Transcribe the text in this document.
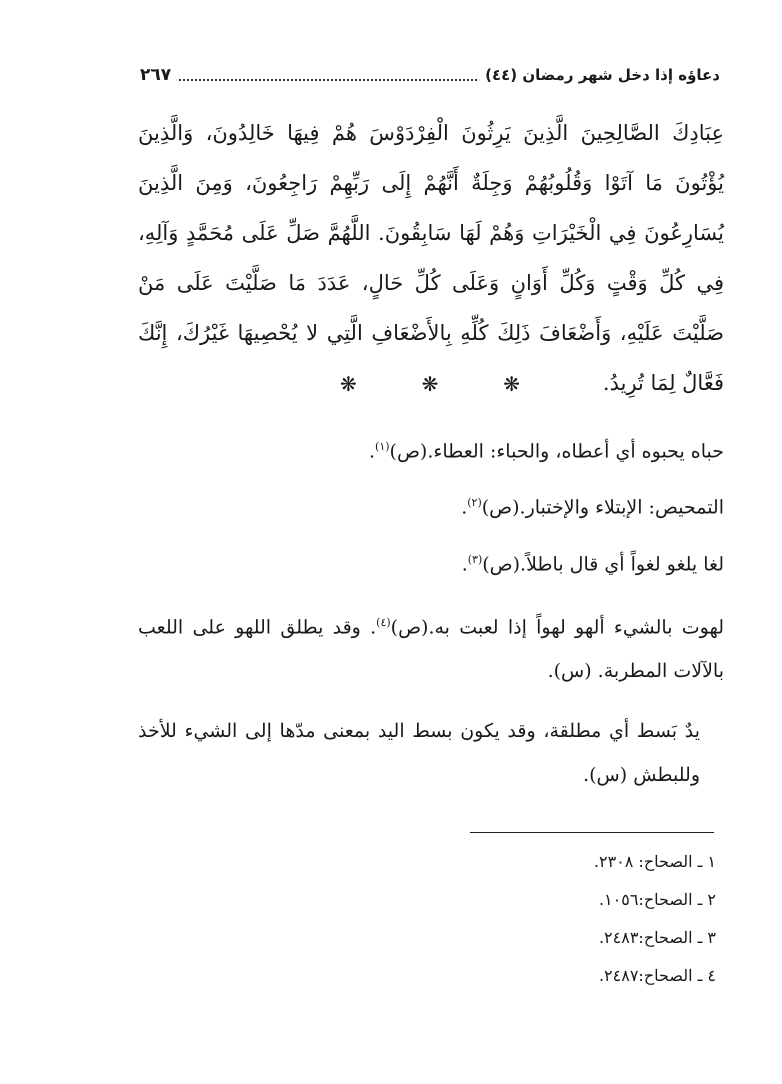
دعاؤه إذا دخل شهر رمضان (٤٤)
٢٦٧

عِبَادِكَ الصَّالِحِينَ الَّذِينَ يَرِثُونَ الْفِرْدَوْسَ هُمْ فِيهَا خَالِدُونَ، وَالَّذِينَ يُؤْتُونَ مَا آتَوْا وَقُلُوبُهُمْ وَجِلَةٌ أَنَّهُمْ إِلَى رَبِّهِمْ رَاجِعُونَ، وَمِنَ الَّذِينَ يُسَارِعُونَ فِي الْخَيْرَاتِ وَهُمْ لَهَا سَابِقُونَ. اللَّهُمَّ صَلِّ عَلَى مُحَمَّدٍ وَآلِهِ، فِي كُلِّ وَقْتٍ وَكُلِّ أَوَانٍ وَعَلَى كُلِّ حَالٍ، عَدَدَ مَا صَلَّيْتَ عَلَى مَنْ صَلَّيْتَ عَلَيْهِ، وَأَضْعَافَ ذَلِكَ كُلِّهِ بِالأَضْعَافِ الَّتِي لا يُحْصِيهَا غَيْرُكَ، إِنَّكَ فَعَّالٌ لِمَا تُرِيدُ.

❋	❋	❋

حباه يحبوه أي أعطاه، والحباء: العطاء.(ص)$^{(١)}$.

التمحيص: الإبتلاء والإختبار.(ص)$^{(٢)}$.

لغا يلغو لغواً أي قال باطلاً.(ص)$^{(٣)}$.

لهوت بالشيء ألهو لهواً إذا لعبت به.(ص)$^{(٤)}$. وقد يطلق اللهو على اللعب بالآلات المطربة. (س).

يدٌ بَسط أي مطلقة، وقد يكون بسط اليد بمعنى مدّها إلى الشيء للأخذ وللبطش (س).

١ ـ الصحاح: ٢٣٠٨.
٢ ـ الصحاح:١٠٥٦.
٣ ـ الصحاح:٢٤٨٣.
٤ ـ الصحاح:٢٤٨٧.
